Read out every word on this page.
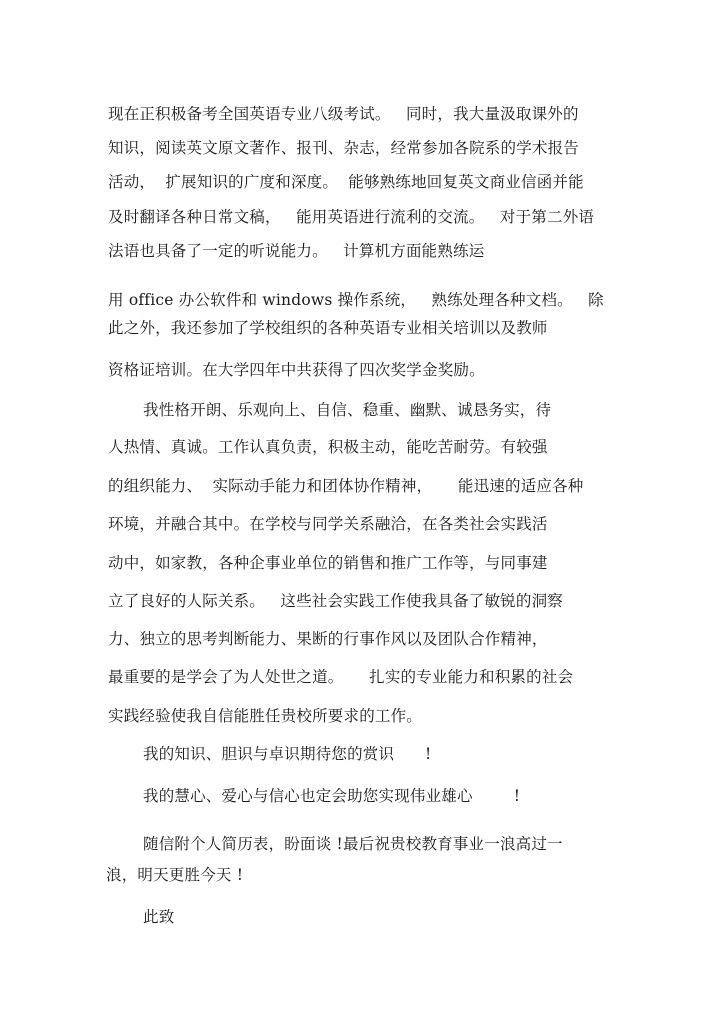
现在正积极备考全国英语专业八级考试。   同时，我大量汲取课外的
知识，阅读英文原文著作、报刊、杂志，经常参加各院系的学术报告
活动，  扩展知识的广度和深度。  能够熟练地回复英文商业信函并能
及时翻译各种日常文稿，   能用英语进行流利的交流。   对于第二外语
法语也具备了一定的听说能力。   计算机方面能熟练运
用 office 办公软件和 windows 操作系统，   熟练处理各种文档。   除
此之外，我还参加了学校组织的各种英语专业相关培训以及教师
资格证培训。在大学四年中共获得了四次奖学金奖励。
我性格开朗、乐观向上、自信、稳重、幽默、诚恳务实，待
人热情、真诚。工作认真负责，积极主动，能吃苦耐劳。有较强
的组织能力、  实际动手能力和团体协作精神，     能迅速的适应各种
环境，并融合其中。在学校与同学关系融洽，在各类社会实践活
动中，如家教，各种企事业单位的销售和推广工作等，与同事建
立了良好的人际关系。   这些社会实践工作使我具备了敏锐的洞察
力、独立的思考判断能力、果断的行事作风以及团队合作精神，
最重要的是学会了为人处世之道。     扎实的专业能力和积累的社会
实践经验使我自信能胜任贵校所要求的工作。
我的知识、胆识与卓识期待您的赏识      !
我的慧心、爱心与信心也定会助您实现伟业雄心        !
随信附个人简历表，盼面谈 !最后祝贵校教育事业一浪高过一
浪，明天更胜今天 !
此致
